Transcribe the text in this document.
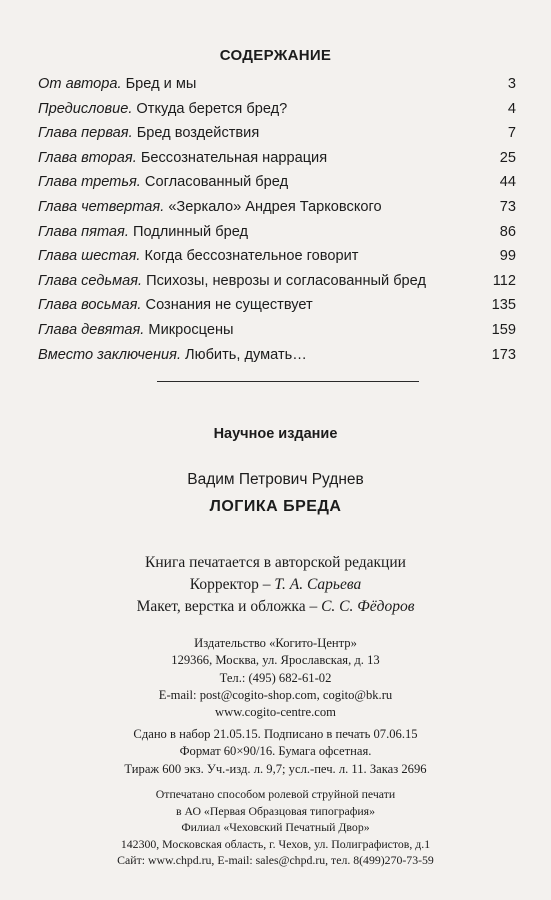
СОДЕРЖАНИЕ
От автора. Бред и мы	3
Предисловие. Откуда берется бред?	4
Глава первая. Бред воздействия	7
Глава вторая. Бессознательная наррация	25
Глава третья. Согласованный бред	44
Глава четвертая. «Зеркало» Андрея Тарковского	73
Глава пятая. Подлинный бред	86
Глава шестая. Когда бессознательное говорит	99
Глава седьмая. Психозы, неврозы и согласованный бред	112
Глава восьмая. Сознания не существует	135
Глава девятая. Микросцены	159
Вместо заключения. Любить, думать…	173
Научное издание
Вадим Петрович Руднев
ЛОГИКА БРЕДА
Книга печатается в авторской редакции
Корректор – Т. А. Сарьева
Макет, верстка и обложка – С. С. Фёдоров
Издательство «Когито-Центр»
129366, Москва, ул. Ярославская, д. 13
Тел.: (495) 682-61-02
E-mail: post@cogito-shop.com, cogito@bk.ru
www.cogito-centre.com
Сдано в набор 21.05.15. Подписано в печать 07.06.15
Формат 60×90/16. Бумага офсетная.
Тираж 600 экз. Уч.-изд. л. 9,7; усл.-печ. л. 11. Заказ 2696
Отпечатано способом ролевой струйной печати
в АО «Первая Образцовая типография»
Филиал «Чеховский Печатный Двор»
142300, Московская область, г. Чехов, ул. Полиграфистов, д.1
Сайт: www.chpd.ru, E-mail: sales@chpd.ru, тел. 8(499)270-73-59
